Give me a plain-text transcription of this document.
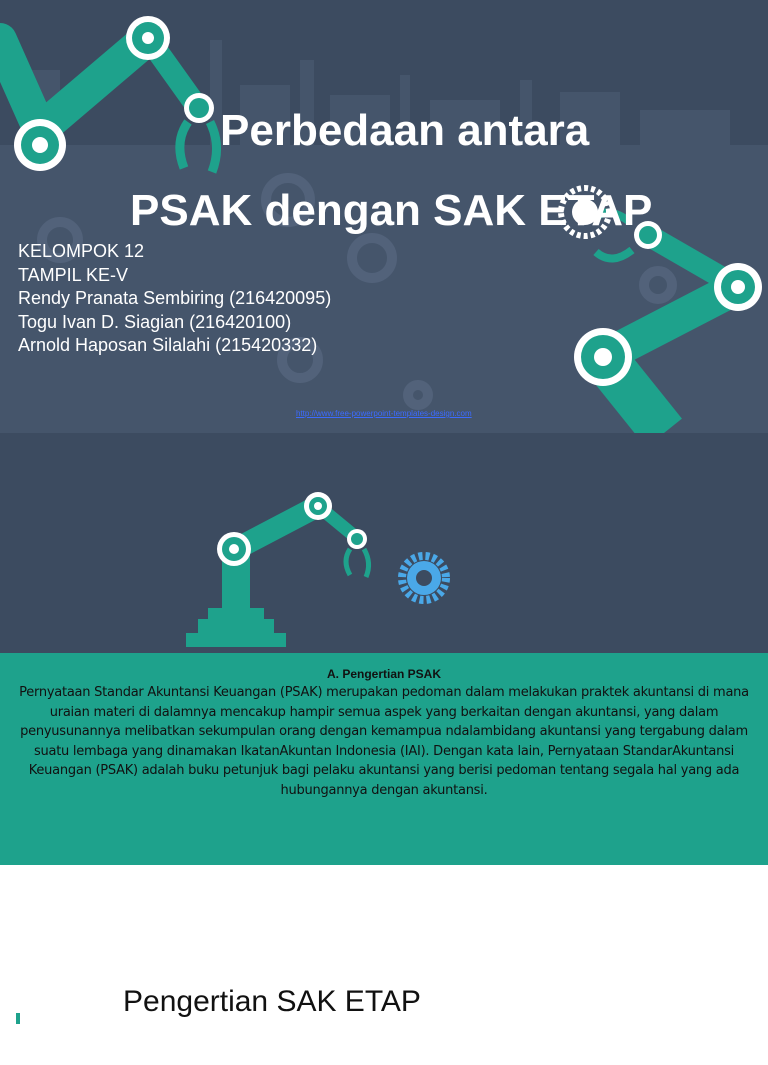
Perbedaan antara
PSAK dengan SAK ETAP
KELOMPOK 12
TAMPIL KE-V
Rendy Pranata Sembiring (216420095)
Togu Ivan D. Siagian (216420100)
Arnold Haposan Silalahi (215420332)
http://www.free-powerpoint-templates-design.com
. Pengertian PSAK dan SAK ETAP
A. Pengertian PSAK

Pernyataan Standar Akuntansi Keuangan (PSAK) merupakan pedoman dalam melakukan praktek akuntansi di mana uraian materi di dalamnya mencakup hampir semua aspek yang berkaitan dengan akuntansi, yang dalam penyusunannya melibatkan sekumpulan orang dengan kemampua ndalambidang akuntansi yang tergabung dalam suatu lembaga yang dinamakan IkatanAkuntan Indonesia (IAI). Dengan kata lain, Pernyataan StandarAkuntansi Keuangan (PSAK) adalah buku petunjuk bagi pelaku akuntansi yang berisi pedoman tentang segala hal yang ada hubungannya dengan akuntansi.

Pengertian SAK ETAP
